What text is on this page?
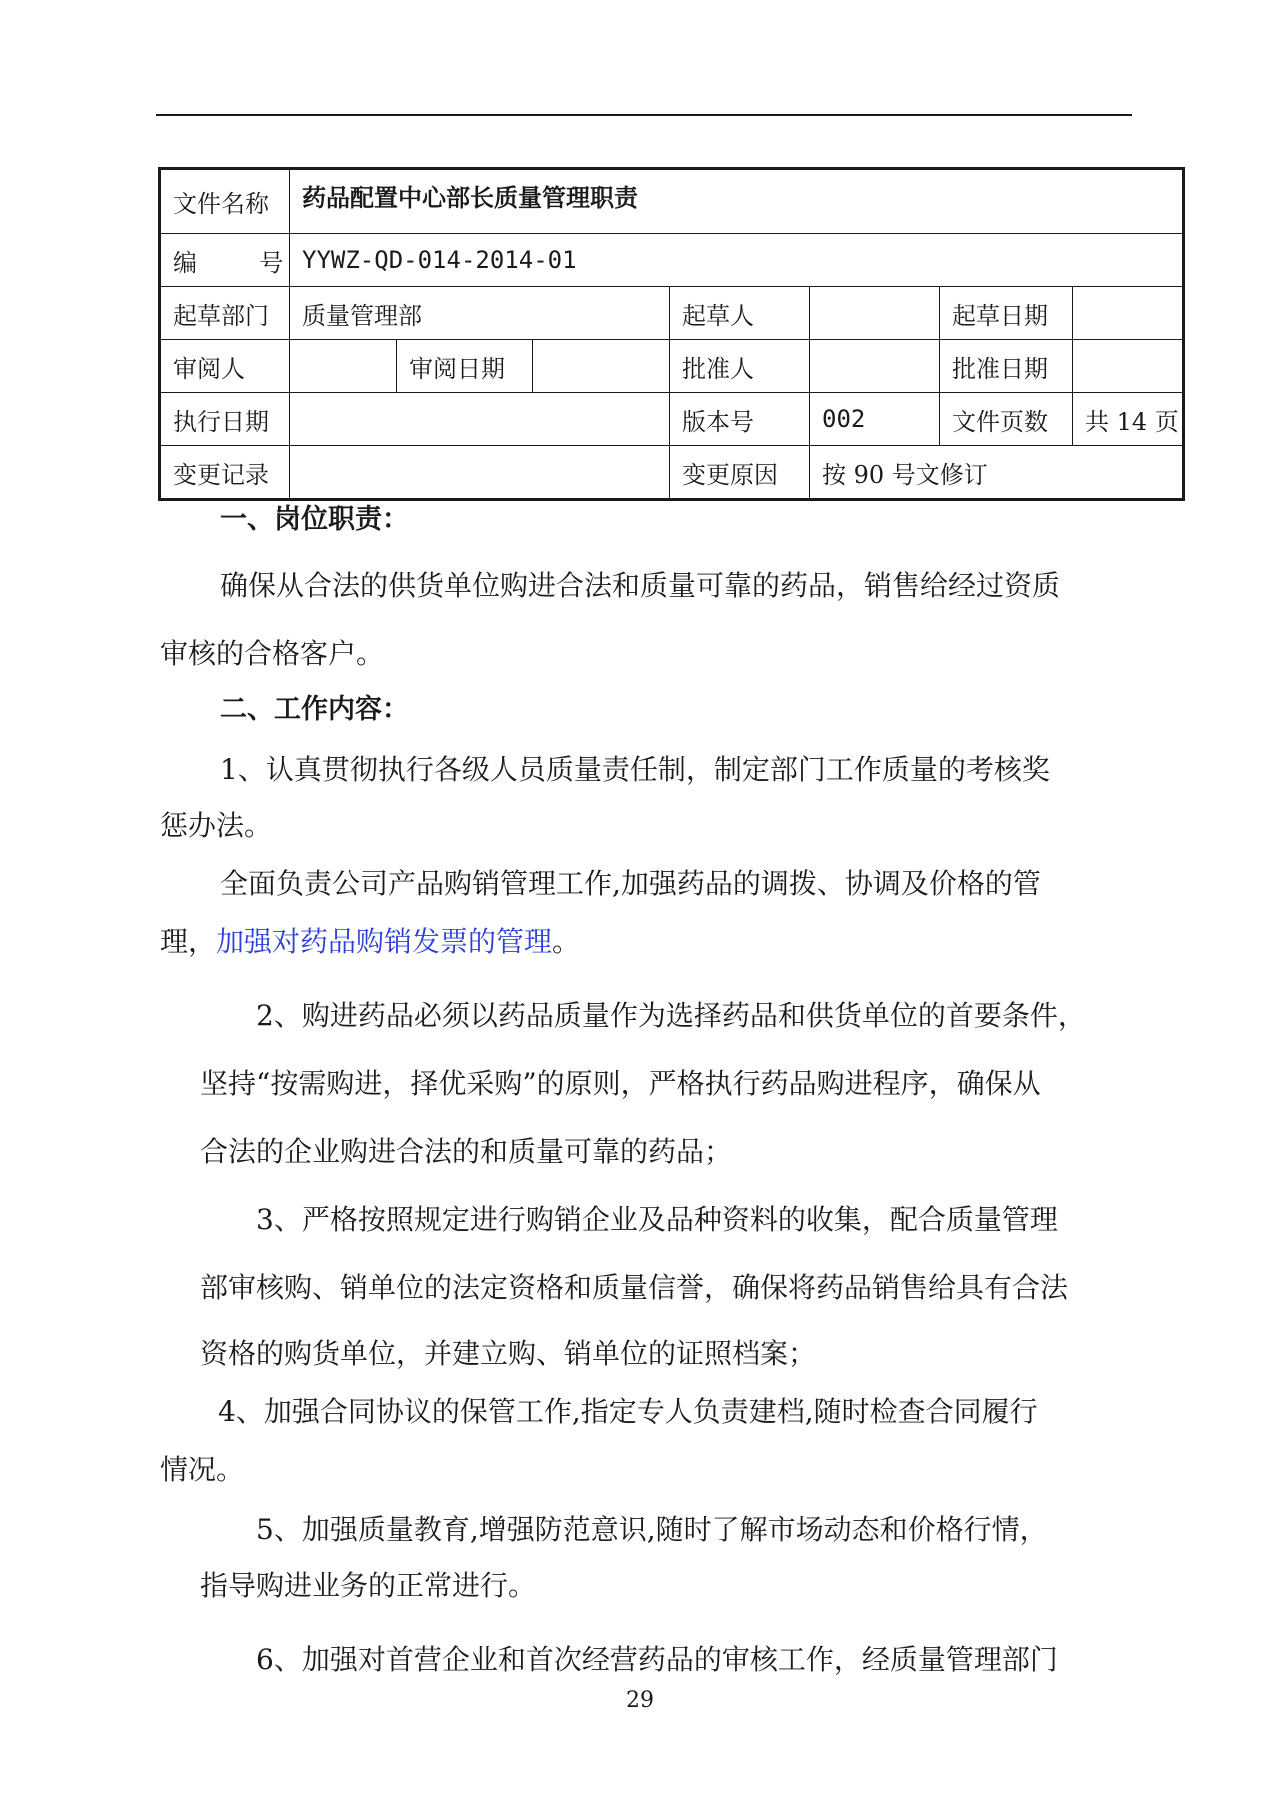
文件名称	药品配置中心部长质量管理职责						
编号	YYWZ-QD-014-2014-01						
起草部门	质量管理部			起草人		起草日期	
审阅人		审阅日期		批准人		批准日期	
执行日期				版本号	002	文件页数	共 14 页
变更记录				变更原因	按 90 号文修订		
一、岗位职责：
确保从合法的供货单位购进合法和质量可靠的药品，销售给经过资质
审核的合格客户。
二、工作内容：
1、认真贯彻执行各级人员质量责任制，制定部门工作质量的考核奖
惩办法。
全面负责公司产品购销管理工作,加强药品的调拨、协调及价格的管
理，加强对药品购销发票的管理。
2、购进药品必须以药品质量作为选择药品和供货单位的首要条件，
坚持“按需购进，择优采购”的原则，严格执行药品购进程序，确保从
合法的企业购进合法的和质量可靠的药品；
3、严格按照规定进行购销企业及品种资料的收集，配合质量管理
部审核购、销单位的法定资格和质量信誉，确保将药品销售给具有合法
资格的购货单位，并建立购、销单位的证照档案；
4、加强合同协议的保管工作,指定专人负责建档,随时检查合同履行
情况。
5、加强质量教育,增强防范意识,随时了解市场动态和价格行情，
指导购进业务的正常进行。
6、加强对首营企业和首次经营药品的审核工作，经质量管理部门
29
